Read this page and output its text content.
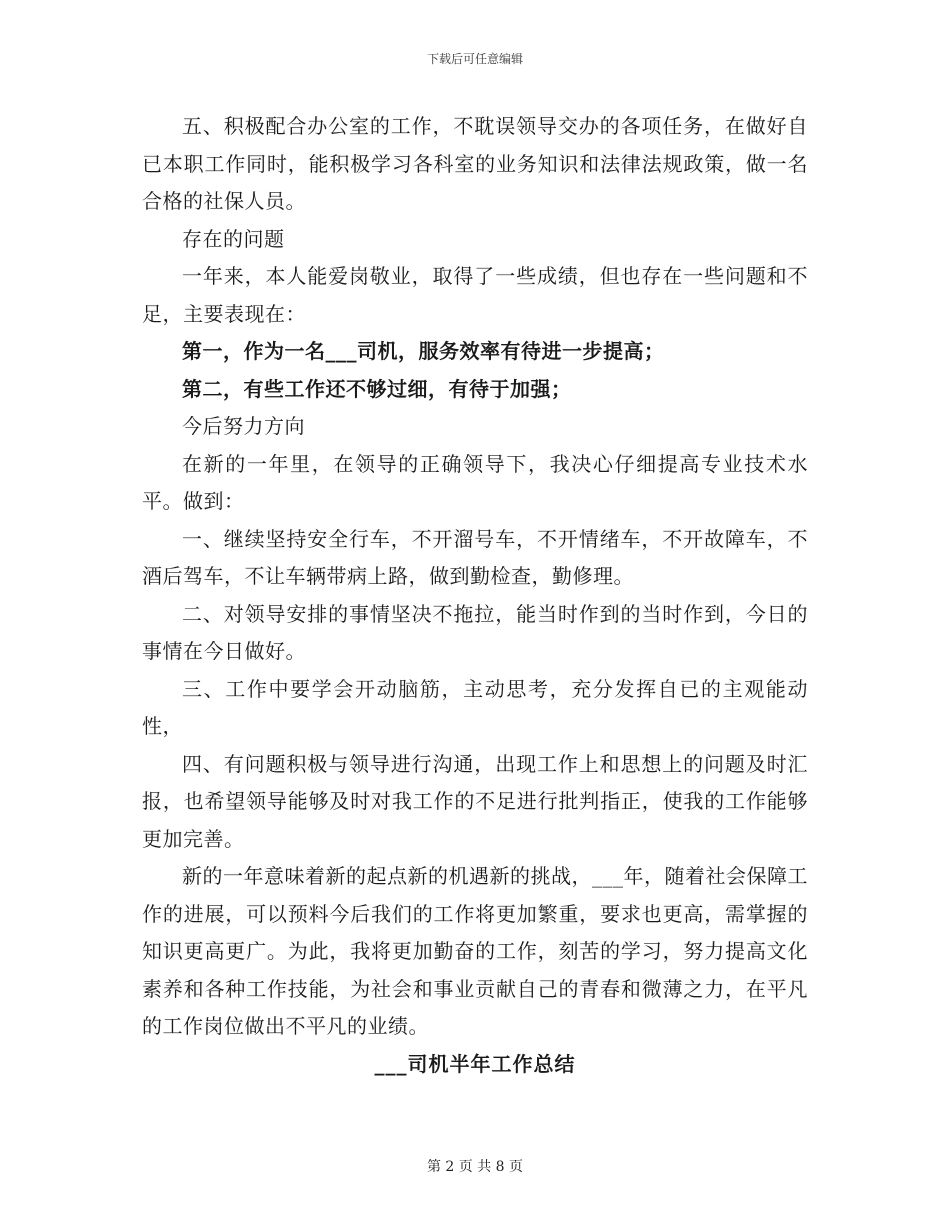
下载后可任意编辑

五、积极配合办公室的工作，不耽误领导交办的各项任务，在做好自已本职工作同时，能积极学习各科室的业务知识和法律法规政策，做一名合格的社保人员。

存在的问题

一年来，本人能爱岗敬业，取得了一些成绩，但也存在一些问题和不足，主要表现在：

第一，作为一名___司机，服务效率有待进一步提高；

第二，有些工作还不够过细，有待于加强；

今后努力方向

在新的一年里，在领导的正确领导下，我决心仔细提高专业技术水平。做到：

一、继续坚持安全行车，不开溜号车，不开情绪车，不开故障车，不酒后驾车，不让车辆带病上路，做到勤检查，勤修理。

二、对领导安排的事情坚决不拖拉，能当时作到的当时作到，今日的事情在今日做好。

三、工作中要学会开动脑筋，主动思考，充分发挥自已的主观能动性，

四、有问题积极与领导进行沟通，出现工作上和思想上的问题及时汇报，也希望领导能够及时对我工作的不足进行批判指正，使我的工作能够更加完善。

新的一年意味着新的起点新的机遇新的挑战，___年，随着社会保障工作的进展，可以预料今后我们的工作将更加繁重，要求也更高，需掌握的知识更高更广。为此，我将更加勤奋的工作，刻苦的学习，努力提高文化素养和各种工作技能，为社会和事业贡献自己的青春和微薄之力，在平凡的工作岗位做出不平凡的业绩。

___司机半年工作总结

第 2 页 共 8 页
